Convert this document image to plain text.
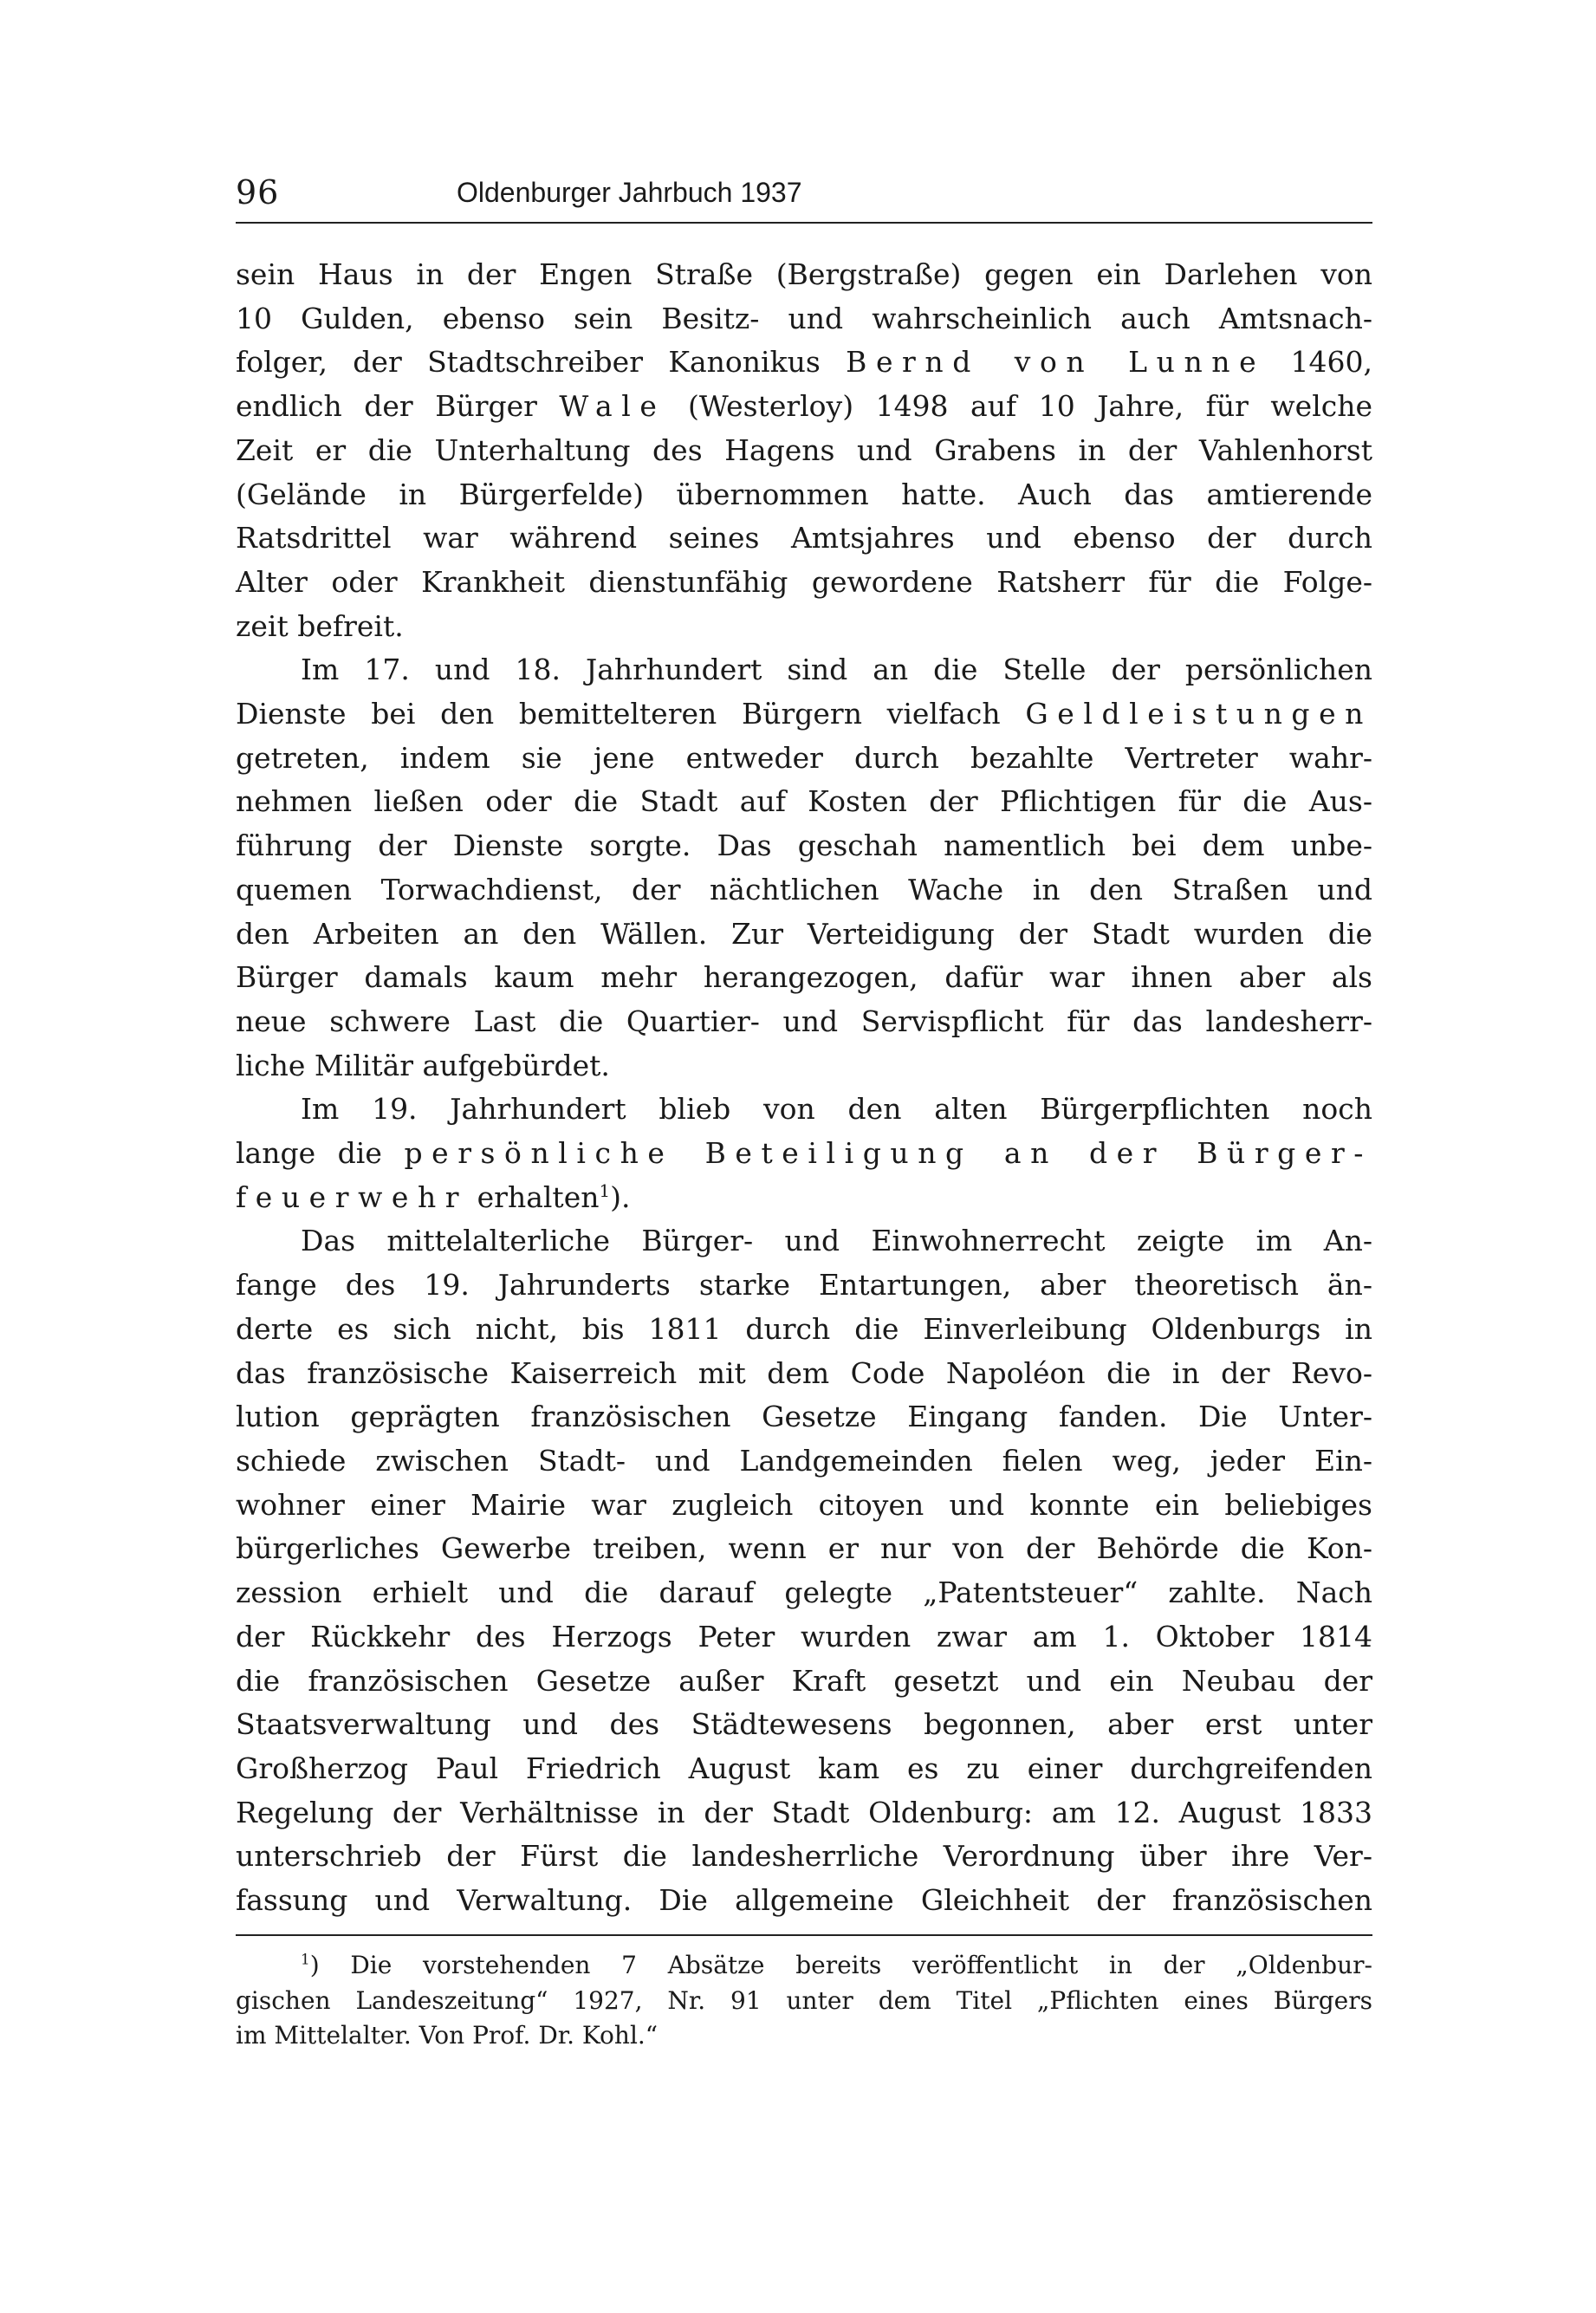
96	Oldenburger Jahrbuch 1937
sein Haus in der Engen Straße (Bergstraße) gegen ein Darlehen von
10 Gulden, ebenso sein Besitz- und wahrscheinlich auch Amtsnach-
folger, der Stadtschreiber Kanonikus Bernd von Lunne 1460,
endlich der Bürger Wale (Westerloy) 1498 auf 10 Jahre, für welche
Zeit er die Unterhaltung des Hagens und Grabens in der Vahlenhorst
(Gelände in Bürgerfelde) übernommen hatte. Auch das amtierende
Ratsdrittel war während seines Amtsjahres und ebenso der durch
Alter oder Krankheit dienstunfähig gewordene Ratsherr für die Folge-
zeit befreit.
Im 17. und 18. Jahrhundert sind an die Stelle der persönlichen
Dienste bei den bemittelteren Bürgern vielfach Geldleistungen
getreten, indem sie jene entweder durch bezahlte Vertreter wahr-
nehmen ließen oder die Stadt auf Kosten der Pflichtigen für die Aus-
führung der Dienste sorgte. Das geschah namentlich bei dem unbe-
quemen Torwachdienst, der nächtlichen Wache in den Straßen und
den Arbeiten an den Wällen. Zur Verteidigung der Stadt wurden die
Bürger damals kaum mehr herangezogen, dafür war ihnen aber als
neue schwere Last die Quartier- und Servispflicht für das landesherr-
liche Militär aufgebürdet.
Im 19. Jahrhundert blieb von den alten Bürgerpflichten noch
lange die persönliche Beteiligung an der Bürger-
feuerwehr erhalten$^1$).
Das mittelalterliche Bürger- und Einwohnerrecht zeigte im An-
fange des 19. Jahrunderts starke Entartungen, aber theoretisch än-
derte es sich nicht, bis 1811 durch die Einverleibung Oldenburgs in
das französische Kaiserreich mit dem Code Napoléon die in der Revo-
lution geprägten französischen Gesetze Eingang fanden. Die Unter-
schiede zwischen Stadt- und Landgemeinden fielen weg, jeder Ein-
wohner einer Mairie war zugleich citoyen und konnte ein beliebiges
bürgerliches Gewerbe treiben, wenn er nur von der Behörde die Kon-
zession erhielt und die darauf gelegte „Patentsteuer“ zahlte. Nach
der Rückkehr des Herzogs Peter wurden zwar am 1. Oktober 1814
die französischen Gesetze außer Kraft gesetzt und ein Neubau der
Staatsverwaltung und des Städtewesens begonnen, aber erst unter
Großherzog Paul Friedrich August kam es zu einer durchgreifenden
Regelung der Verhältnisse in der Stadt Oldenburg: am 12. August 1833
unterschrieb der Fürst die landesherrliche Verordnung über ihre Ver-
fassung und Verwaltung. Die allgemeine Gleichheit der französischen
$^1$) Die vorstehenden 7 Absätze bereits veröffentlicht in der „Oldenbur-
gischen Landeszeitung“ 1927, Nr. 91 unter dem Titel „Pflichten eines Bürgers
im Mittelalter. Von Prof. Dr. Kohl.“
